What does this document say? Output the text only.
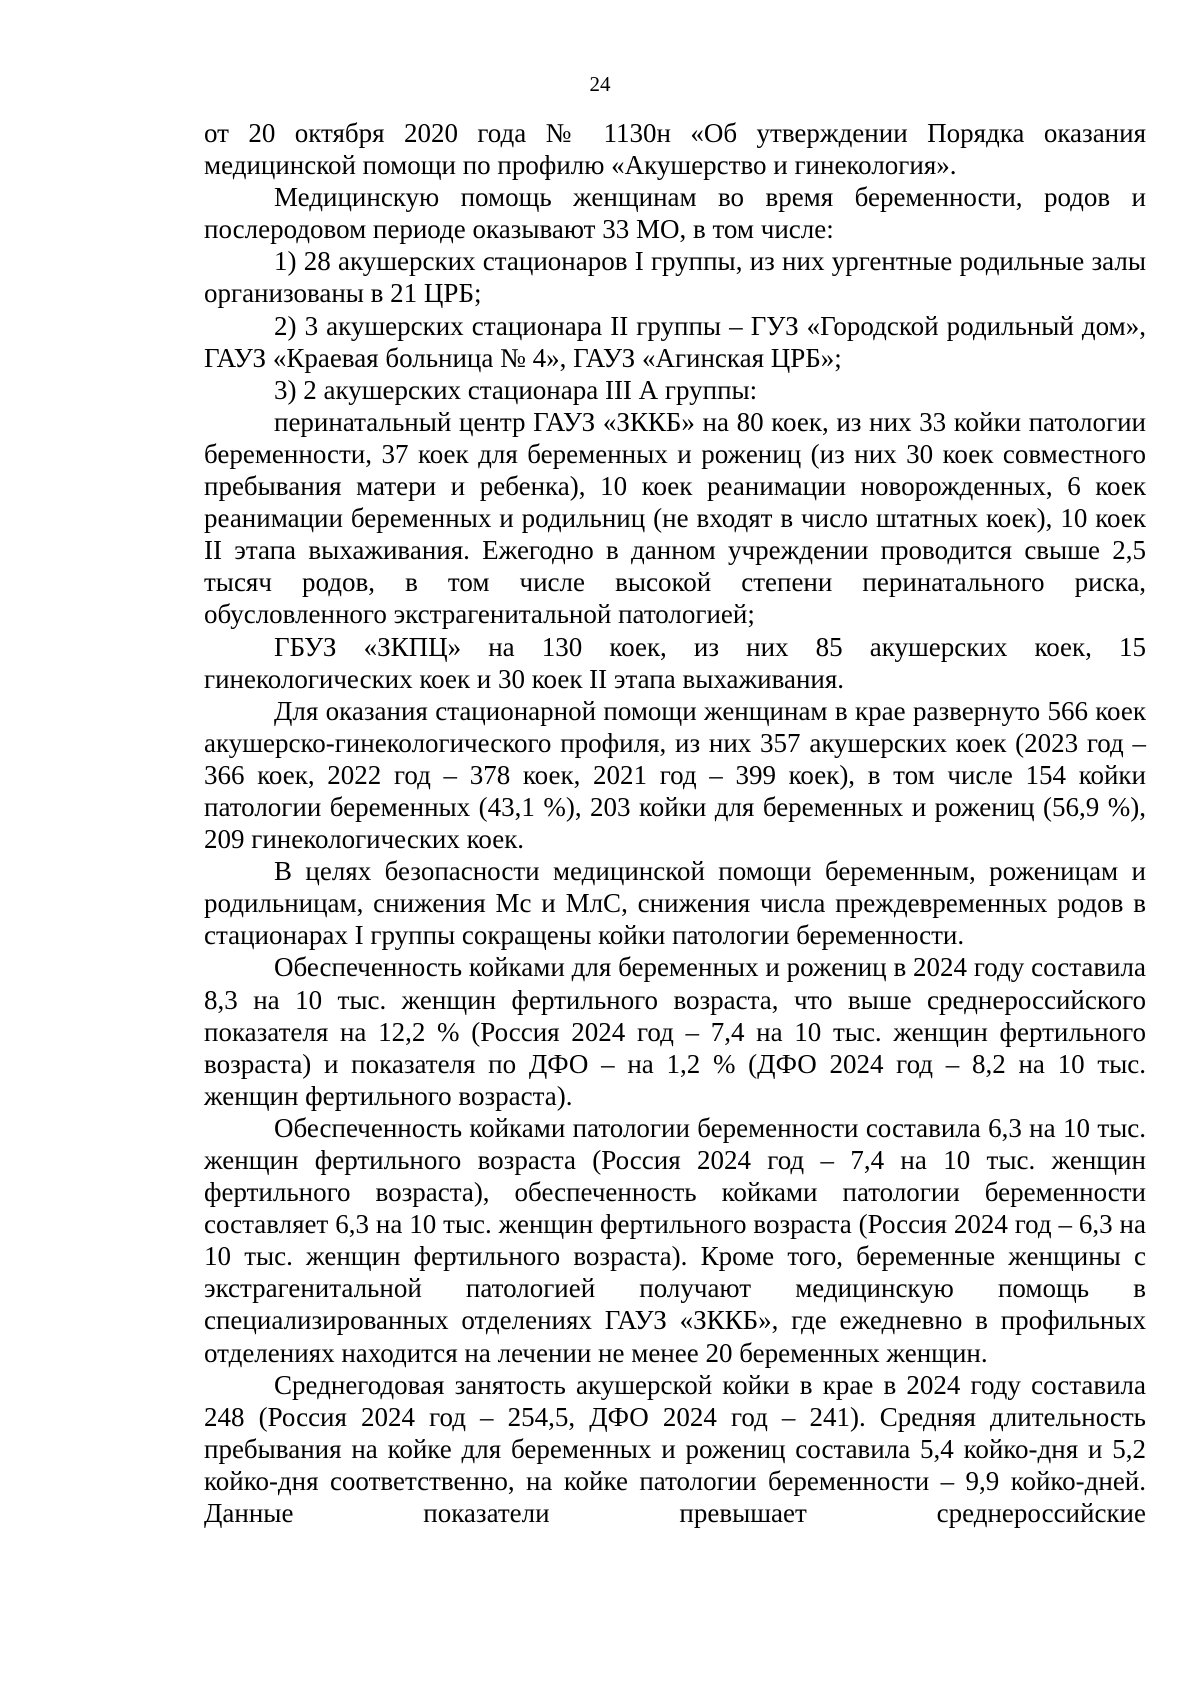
24

от 20 октября 2020 года № 1130н «Об утверждении Порядка оказания медицинской помощи по профилю «Акушерство и гинекология».

Медицинскую помощь женщинам во время беременности, родов и послеродовом периоде оказывают 33 МО, в том числе:

1) 28 акушерских стационаров I группы, из них ургентные родильные залы организованы в 21 ЦРБ;

2) 3 акушерских стационара II группы – ГУЗ «Городской родильный дом», ГАУЗ «Краевая больница № 4», ГАУЗ «Агинская ЦРБ»;

3) 2 акушерских стационара III А группы:

перинатальный центр ГАУЗ «ЗККБ» на 80 коек, из них 33 койки патологии беременности, 37 коек для беременных и рожениц (из них 30 коек совместного пребывания матери и ребенка), 10 коек реанимации новорожденных, 6 коек реанимации беременных и родильниц (не входят в число штатных коек), 10 коек II этапа выхаживания. Ежегодно в данном учреждении проводится свыше 2,5 тысяч родов, в том числе высокой степени перинатального риска, обусловленного экстрагенитальной патологией;

ГБУЗ «ЗКПЦ» на 130 коек, из них 85 акушерских коек, 15 гинекологических коек и 30 коек II этапа выхаживания.

Для оказания стационарной помощи женщинам в крае развернуто 566 коек акушерско-гинекологического профиля, из них 357 акушерских коек (2023 год – 366 коек, 2022 год – 378 коек, 2021 год – 399 коек), в том числе 154 койки патологии беременных (43,1 %), 203 койки для беременных и рожениц (56,9 %), 209 гинекологических коек.

В целях безопасности медицинской помощи беременным, роженицам и родильницам, снижения Мс и МлС, снижения числа преждевременных родов в стационарах I группы сокращены койки патологии беременности.

Обеспеченность койками для беременных и рожениц в 2024 году составила 8,3 на 10 тыс. женщин фертильного возраста, что выше среднероссийского показателя на 12,2 % (Россия 2024 год – 7,4 на 10 тыс. женщин фертильного возраста) и показателя по ДФО – на 1,2 % (ДФО 2024 год – 8,2 на 10 тыс. женщин фертильного возраста).

Обеспеченность койками патологии беременности составила 6,3 на 10 тыс. женщин фертильного возраста (Россия 2024 год – 7,4 на 10 тыс. женщин фертильного возраста), обеспеченность койками патологии беременности составляет 6,3 на 10 тыс. женщин фертильного возраста (Россия 2024 год – 6,3 на 10 тыс. женщин фертильного возраста). Кроме того, беременные женщины с экстрагенитальной патологией получают медицинскую помощь в специализированных отделениях ГАУЗ «ЗККБ», где ежедневно в профильных отделениях находится на лечении не менее 20 беременных женщин.

Среднегодовая занятость акушерской койки в крае в 2024 году составила 248 (Россия 2024 год – 254,5, ДФО 2024 год – 241). Средняя длительность пребывания на койке для беременных и рожениц составила 5,4 койко-дня и 5,2 койко-дня соответственно, на койке патологии беременности – 9,9 койко-дней. Данные показатели превышает среднероссийские
